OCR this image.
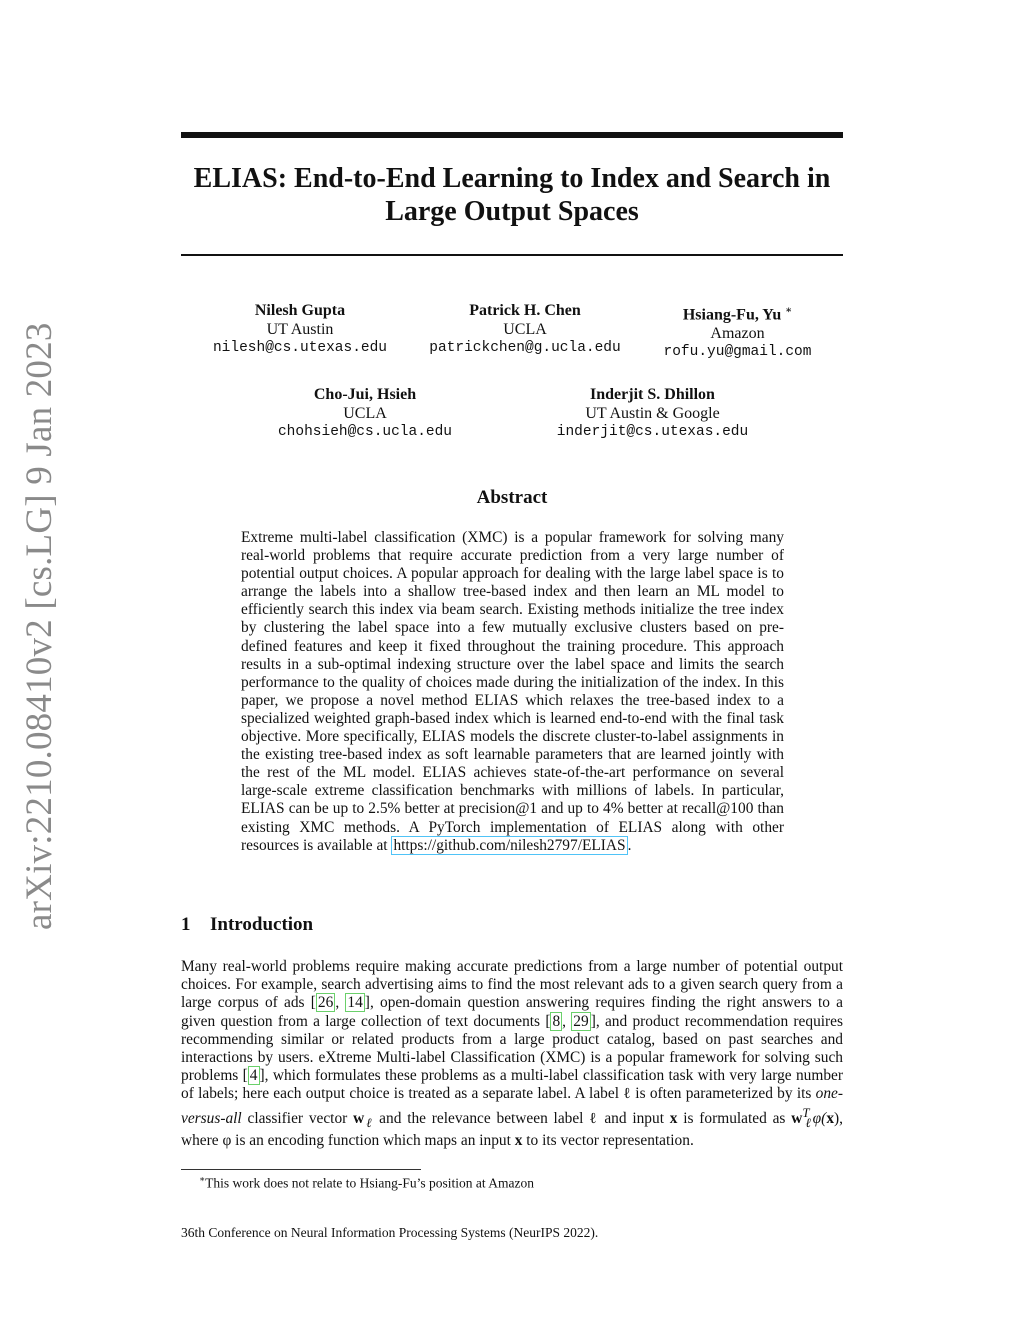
arXiv:2210.08410v2 [cs.LG] 9 Jan 2023
ELIAS: End-to-End Learning to Index and Search in
Large Output Spaces
Nilesh Gupta
UT Austin
nilesh@cs.utexas.edu
Patrick H. Chen
UCLA
patrickchen@g.ucla.edu
Hsiang-Fu, Yu ∗
Amazon
rofu.yu@gmail.com
Cho-Jui, Hsieh
UCLA
chohsieh@cs.ucla.edu
Inderjit S. Dhillon
UT Austin & Google
inderjit@cs.utexas.edu
Abstract
Extreme multi-label classification (XMC) is a popular framework for solving many real-world problems that require accurate prediction from a very large number of potential output choices. A popular approach for dealing with the large label space is to arrange the labels into a shallow tree-based index and then learn an ML model to efficiently search this index via beam search. Existing methods initialize the tree index by clustering the label space into a few mutually exclusive clusters based on pre-defined features and keep it fixed throughout the training procedure. This approach results in a sub-optimal indexing structure over the label space and limits the search performance to the quality of choices made during the initialization of the index. In this paper, we propose a novel method ELIAS which relaxes the tree-based index to a specialized weighted graph-based index which is learned end-to-end with the final task objective. More specifically, ELIAS models the discrete cluster-to-label assignments in the existing tree-based index as soft learnable parameters that are learned jointly with the rest of the ML model. ELIAS achieves state-of-the-art performance on several large-scale extreme classification benchmarks with millions of labels. In particular, ELIAS can be up to 2.5% better at precision@1 and up to 4% better at recall@100 than existing XMC methods. A PyTorch implementation of ELIAS along with other resources is available at https://github.com/nilesh2797/ELIAS .
1 Introduction
Many real-world problems require making accurate predictions from a large number of potential output choices. For example, search advertising aims to find the most relevant ads to a given search query from a large corpus of ads [ 26 , 14 ], open-domain question answering requires finding the right answers to a given question from a large collection of text documents [ 8 , 29 ], and product recommendation requires recommending similar or related products from a large product catalog, based on past searches and interactions by users. eXtreme Multi-label Classification (XMC) is a popular framework for solving such problems [ 4 ], which formulates these problems as a multi-label classification task with very large number of labels; here each output choice is treated as a separate label. A label ℓ is often parameterized by its one-versus-all classifier vector $w_\ell$ and the relevance between label ℓ and input x is formulated as $w^T_\ell\varphi(x)$, where φ is an encoding function which maps an input x to its vector representation.
∗This work does not relate to Hsiang-Fu’s position at Amazon
36th Conference on Neural Information Processing Systems (NeurIPS 2022).
